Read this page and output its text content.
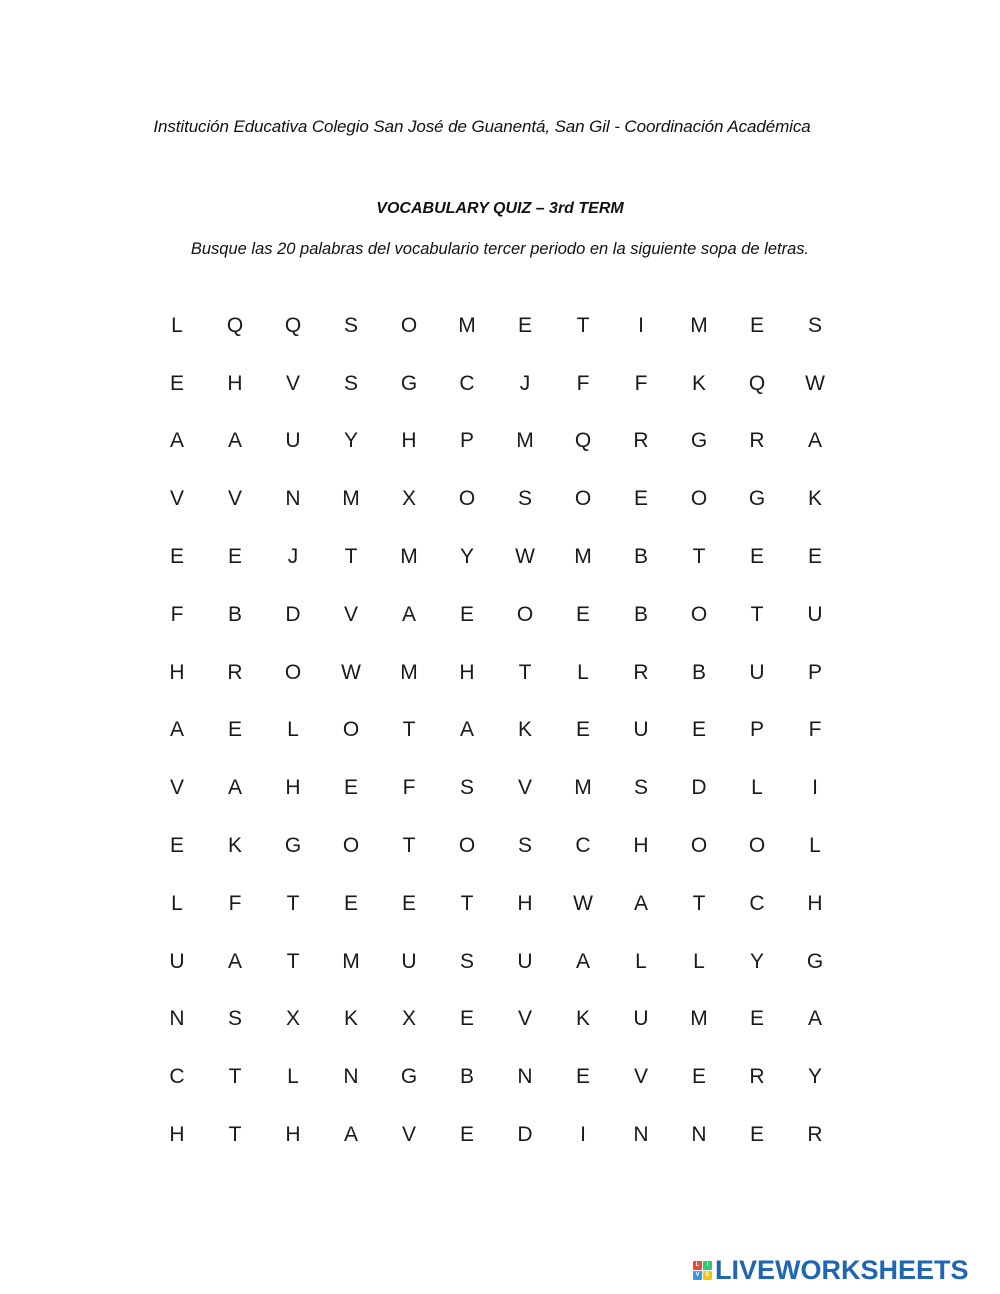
Institución Educativa Colegio San José de Guanentá, San Gil - Coordinación Académica

VOCABULARY QUIZ – 3rd TERM

Busque las 20 palabras del vocabulario tercer periodo en la siguiente sopa de letras.

L	Q	Q	S	O	M	E	T	I	M	E	S
E	H	V	S	G	C	J	F	F	K	Q	W
A	A	U	Y	H	P	M	Q	R	G	R	A
V	V	N	M	X	O	S	O	E	O	G	K
E	E	J	T	M	Y	W	M	B	T	E	E
F	B	D	V	A	E	O	E	B	O	T	U
H	R	O	W	M	H	T	L	R	B	U	P
A	E	L	O	T	A	K	E	U	E	P	F
V	A	H	E	F	S	V	M	S	D	L	I
E	K	G	O	T	O	S	C	H	O	O	L
L	F	T	E	E	T	H	W	A	T	C	H
U	A	T	M	U	S	U	A	L	L	Y	G
N	S	X	K	X	E	V	K	U	M	E	A
C	T	L	N	G	B	N	E	V	E	R	Y
H	T	H	A	V	E	D	I	N	N	E	R
L	I
V E LIVEWORKSHEETS
